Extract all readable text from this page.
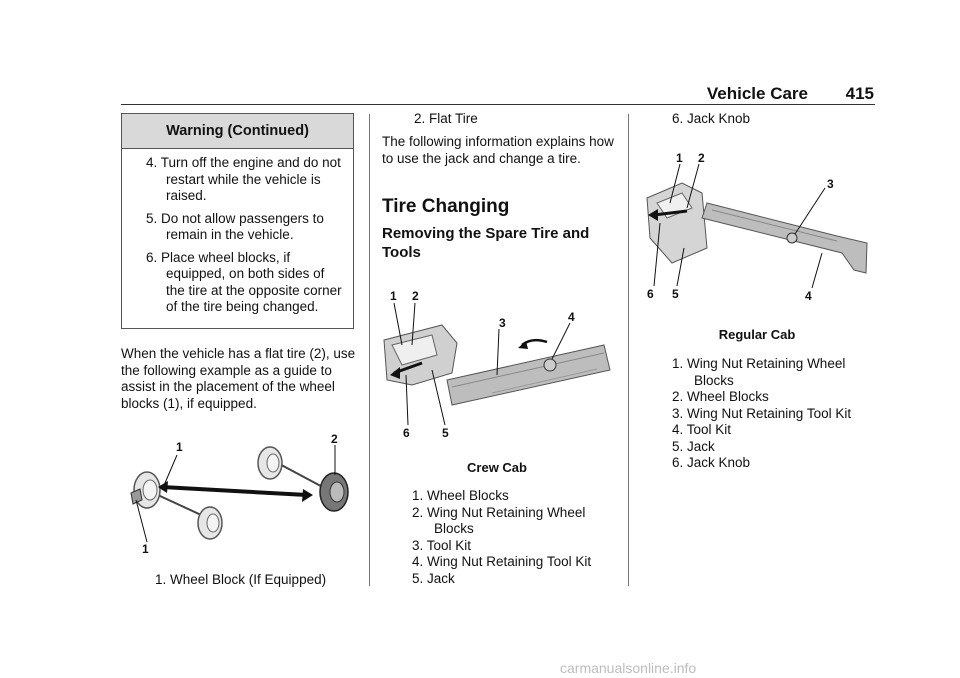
Vehicle Care 415
Warning (Continued)
4. Turn off the engine and do not restart while the vehicle is raised.
5. Do not allow passengers to remain in the vehicle.
6. Place wheel blocks, if equipped, on both sides of the tire at the opposite corner of the tire being changed.
When the vehicle has a flat tire (2), use the following example as a guide to assist in the placement of the wheel blocks (1), if equipped.
1
2
1
1. Wheel Block (If Equipped)
2. Flat Tire
The following information explains how to use the jack and change a tire.
Tire Changing
Removing the Spare Tire and Tools
1 2
3	4
6	5
Crew Cab
1. Wheel Blocks
2. Wing Nut Retaining Wheel Blocks
3. Tool Kit
4. Wing Nut Retaining Tool Kit
5. Jack
6. Jack Knob
1 2
3
6 5	4
Regular Cab
1. Wing Nut Retaining Wheel Blocks
2. Wheel Blocks
3. Wing Nut Retaining Tool Kit
4. Tool Kit
5. Jack
6. Jack Knob
carmanualsonline.info
